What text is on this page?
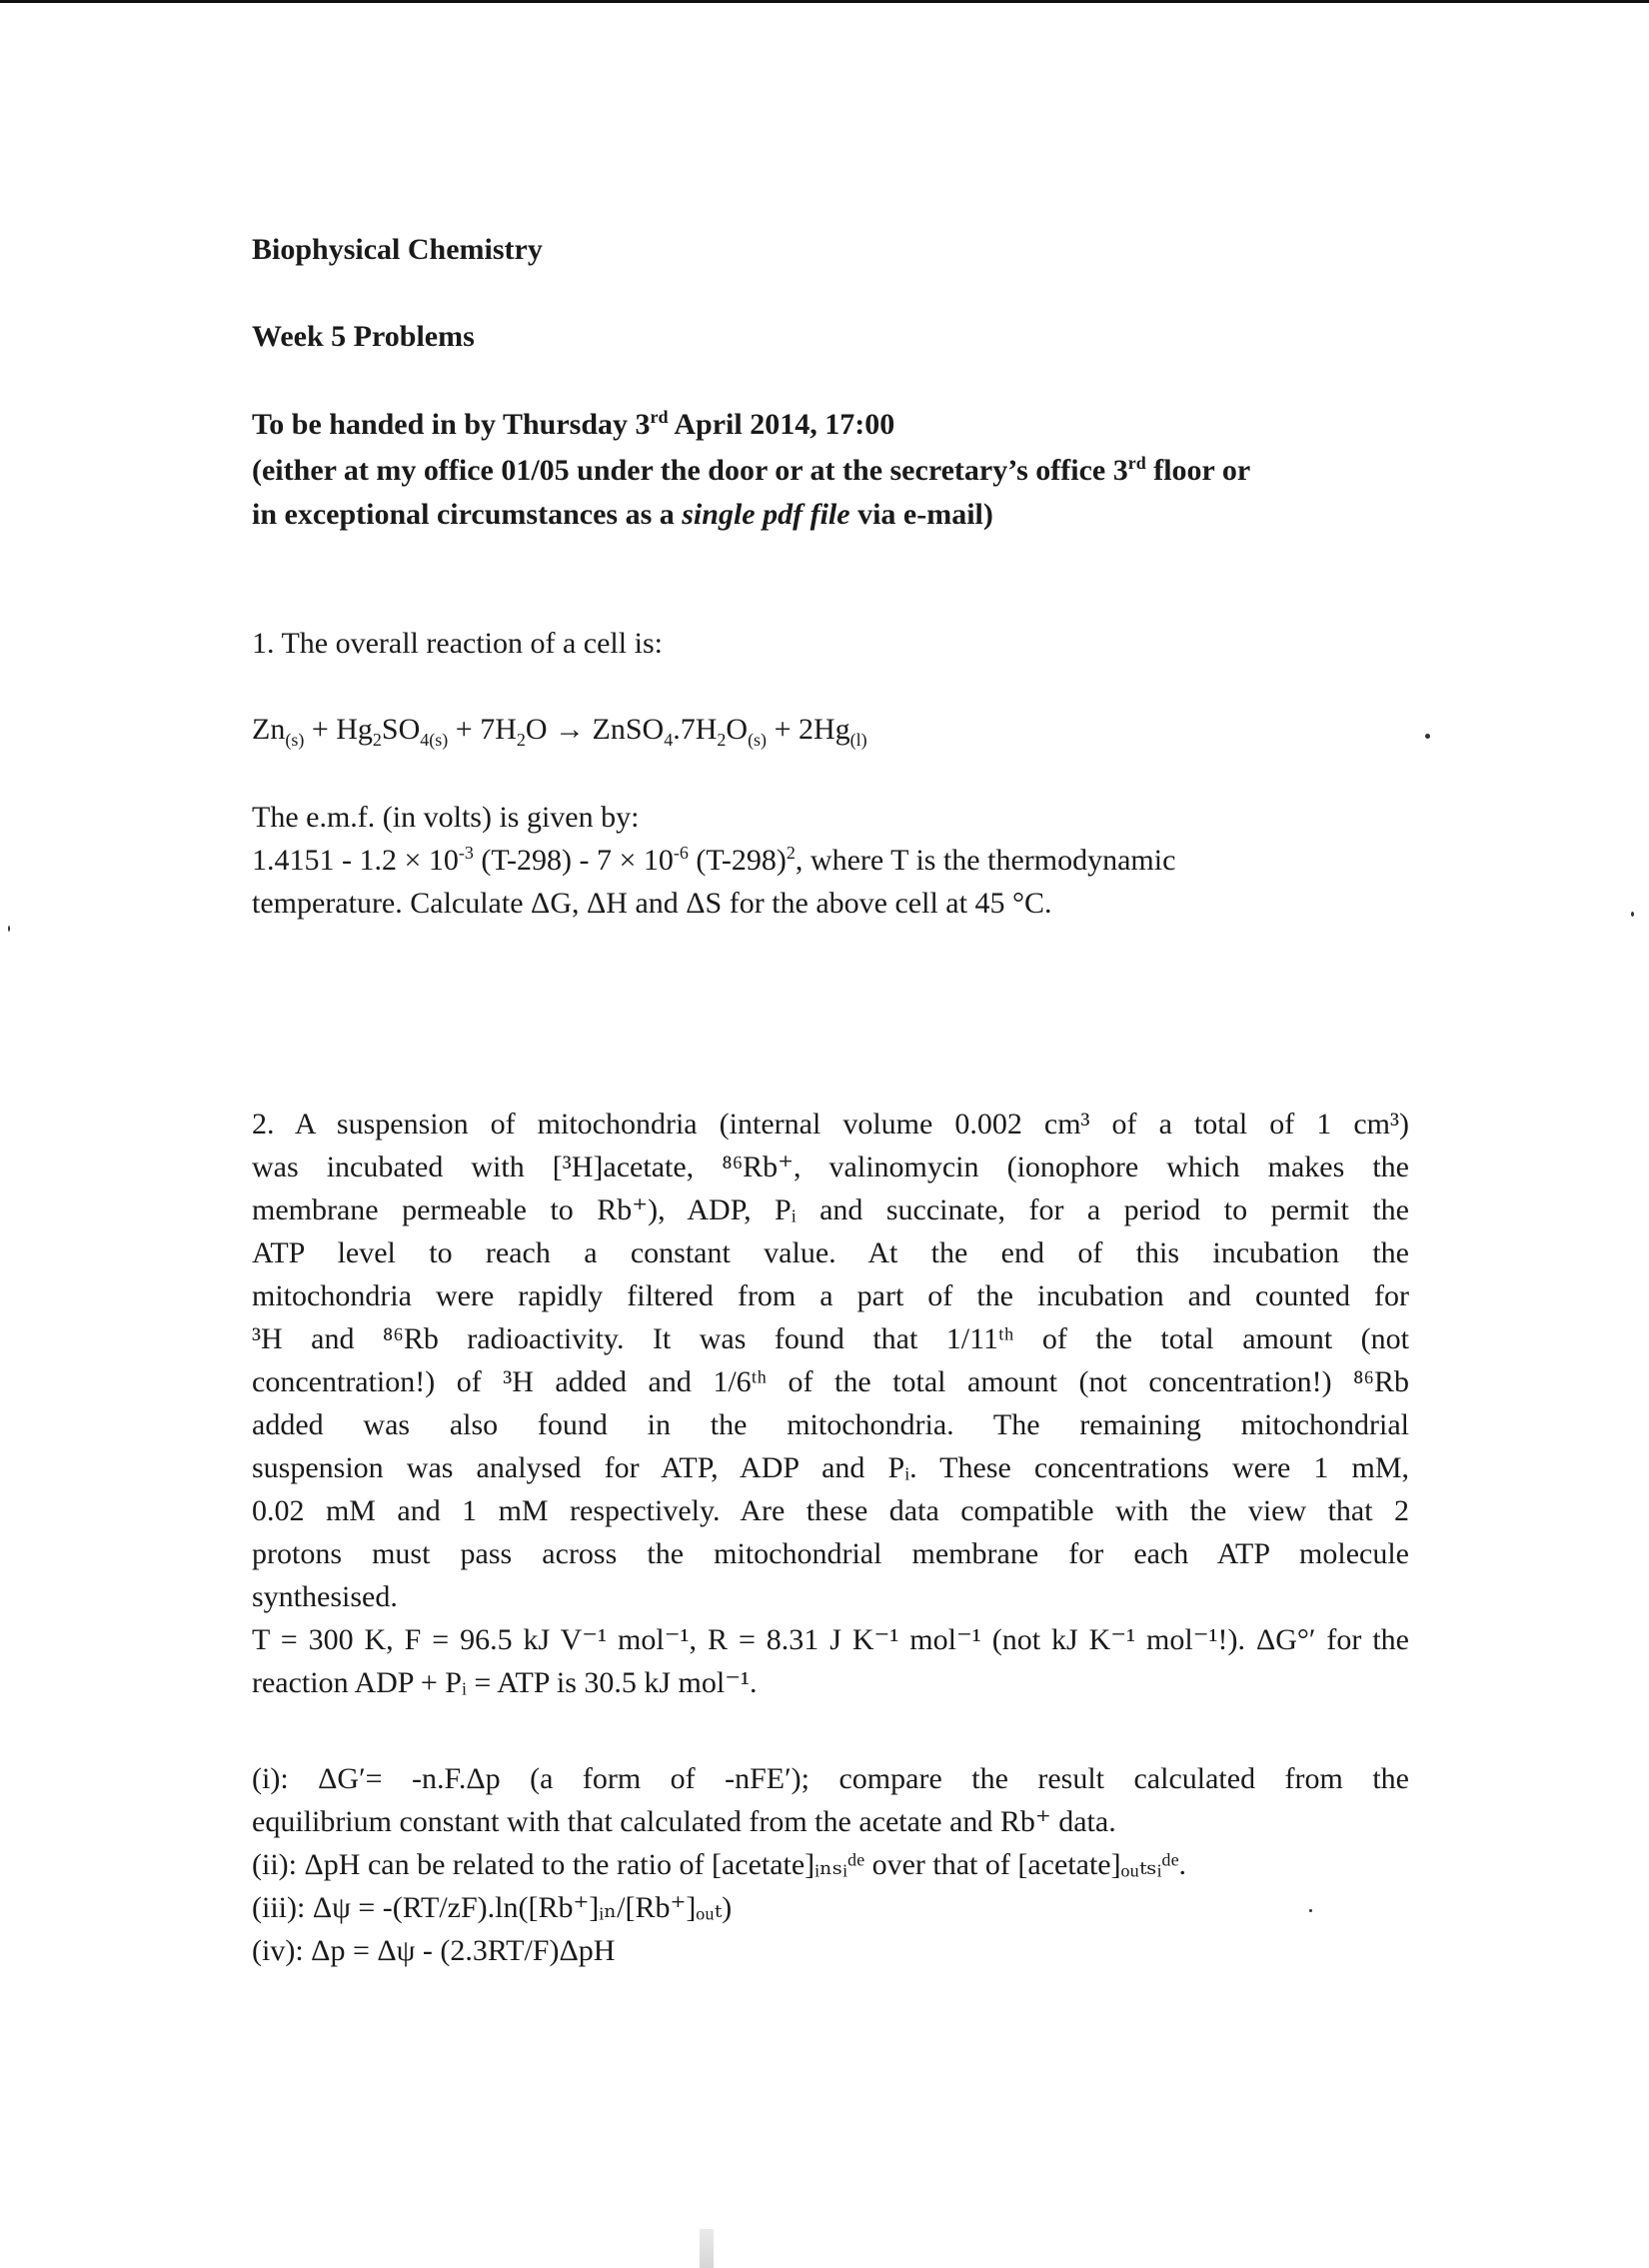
Biophysical Chemistry
Week 5 Problems
To be handed in by Thursday 3rd April 2014, 17:00
(either at my office 01/05 under the door or at the secretary’s office 3rd floor or
in exceptional circumstances as a single pdf file via e-mail)
1. The overall reaction of a cell is:
$Zn_{(s)} + Hg_2SO_{4(s)} + 7H_2O$ → $ZnSO_4.7H_2O_{(s)} + 2Hg_{(l)}$
The e.m.f. (in volts) is given by:
$1.4151 - 1.2 \times 10^{-3}$ $(T-298) - 7 \times 10^{-6}$ $(T-298)^2$, where T is the thermodynamic
temperature. Calculate ΔG, ΔH and ΔS for the above cell at 45 °C.
2. A suspension of mitochondria (internal volume 0.002 cm³ of a total of 1 cm³)
was incubated with [³H]acetate, ⁸⁶Rb⁺, valinomycin (ionophore which makes the
membrane permeable to Rb⁺), ADP, Pᵢ and succinate, for a period to permit the
ATP level to reach a constant value. At the end of this incubation the
mitochondria were rapidly filtered from a part of the incubation and counted for
³H and ⁸⁶Rb radioactivity. It was found that 1/11ᵗʰ of the total amount (not
concentration!) of ³H added and 1/6ᵗʰ of the total amount (not concentration!) ⁸⁶Rb
added was also found in the mitochondria. The remaining mitochondrial
suspension was analysed for ATP, ADP and Pᵢ. These concentrations were 1 mM,
0.02 mM and 1 mM respectively. Are these data compatible with the view that 2
protons must pass across the mitochondrial membrane for each ATP molecule
synthesised.
T = 300 K, F = 96.5 kJ V⁻¹ mol⁻¹, R = 8.31 J K⁻¹ mol⁻¹ (not kJ K⁻¹ mol⁻¹!). ΔG°′ for the
reaction ADP + Pᵢ = ATP is 30.5 kJ mol⁻¹.
(i): ΔG′= -n.F.Δp (a form of -nFE′); compare the result calculated from the
equilibrium constant with that calculated from the acetate and Rb⁺ data.
(ii): ΔpH can be related to the ratio of [acetate]ᵢₙₛᵢᵈᵉ over that of [acetate]ₒᵤₜₛᵢᵈᵉ.
(iii): Δψ = -(RT/zF).ln([Rb⁺]ᵢₙ/[Rb⁺]ₒᵤₜ)
(iv): Δp = Δψ - (2.3RT/F)ΔpH
